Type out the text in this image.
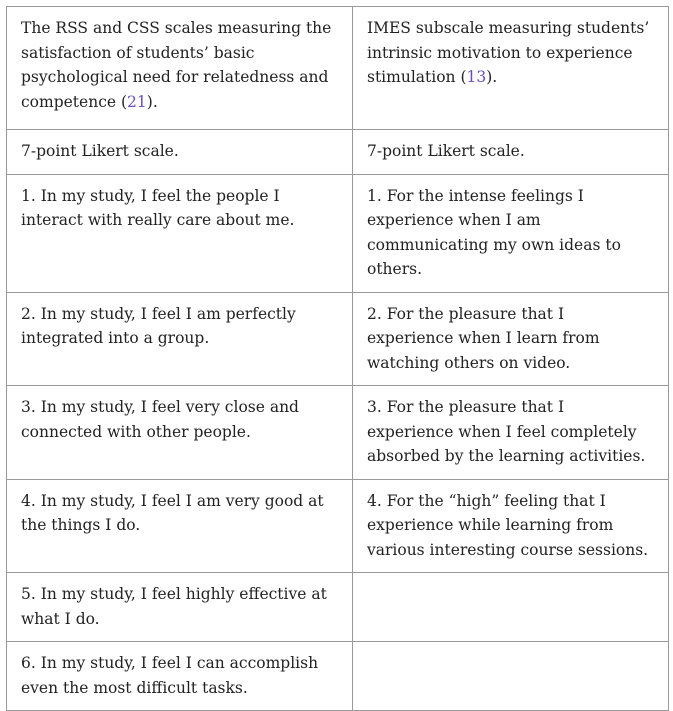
The RSS and CSS scales measuring the satisfaction of students’ basic psychological need for relatedness and competence (21).	IMES subscale measuring students’ intrinsic motivation to experience stimulation (13).
7-point Likert scale.	7-point Likert scale.
1. In my study, I feel the people I interact with really care about me.	1. For the intense feelings I experience when I am communicating my own ideas to others.
2. In my study, I feel I am perfectly integrated into a group.	2. For the pleasure that I experience when I learn from watching others on video.
3. In my study, I feel very close and connected with other people.	3. For the pleasure that I experience when I feel completely absorbed by the learning activities.
4. In my study, I feel I am very good at the things I do.	4. For the “high” feeling that I experience while learning from various interesting course sessions.
5. In my study, I feel highly effective at what I do.	
6. In my study, I feel I can accomplish even the most difficult tasks.	
